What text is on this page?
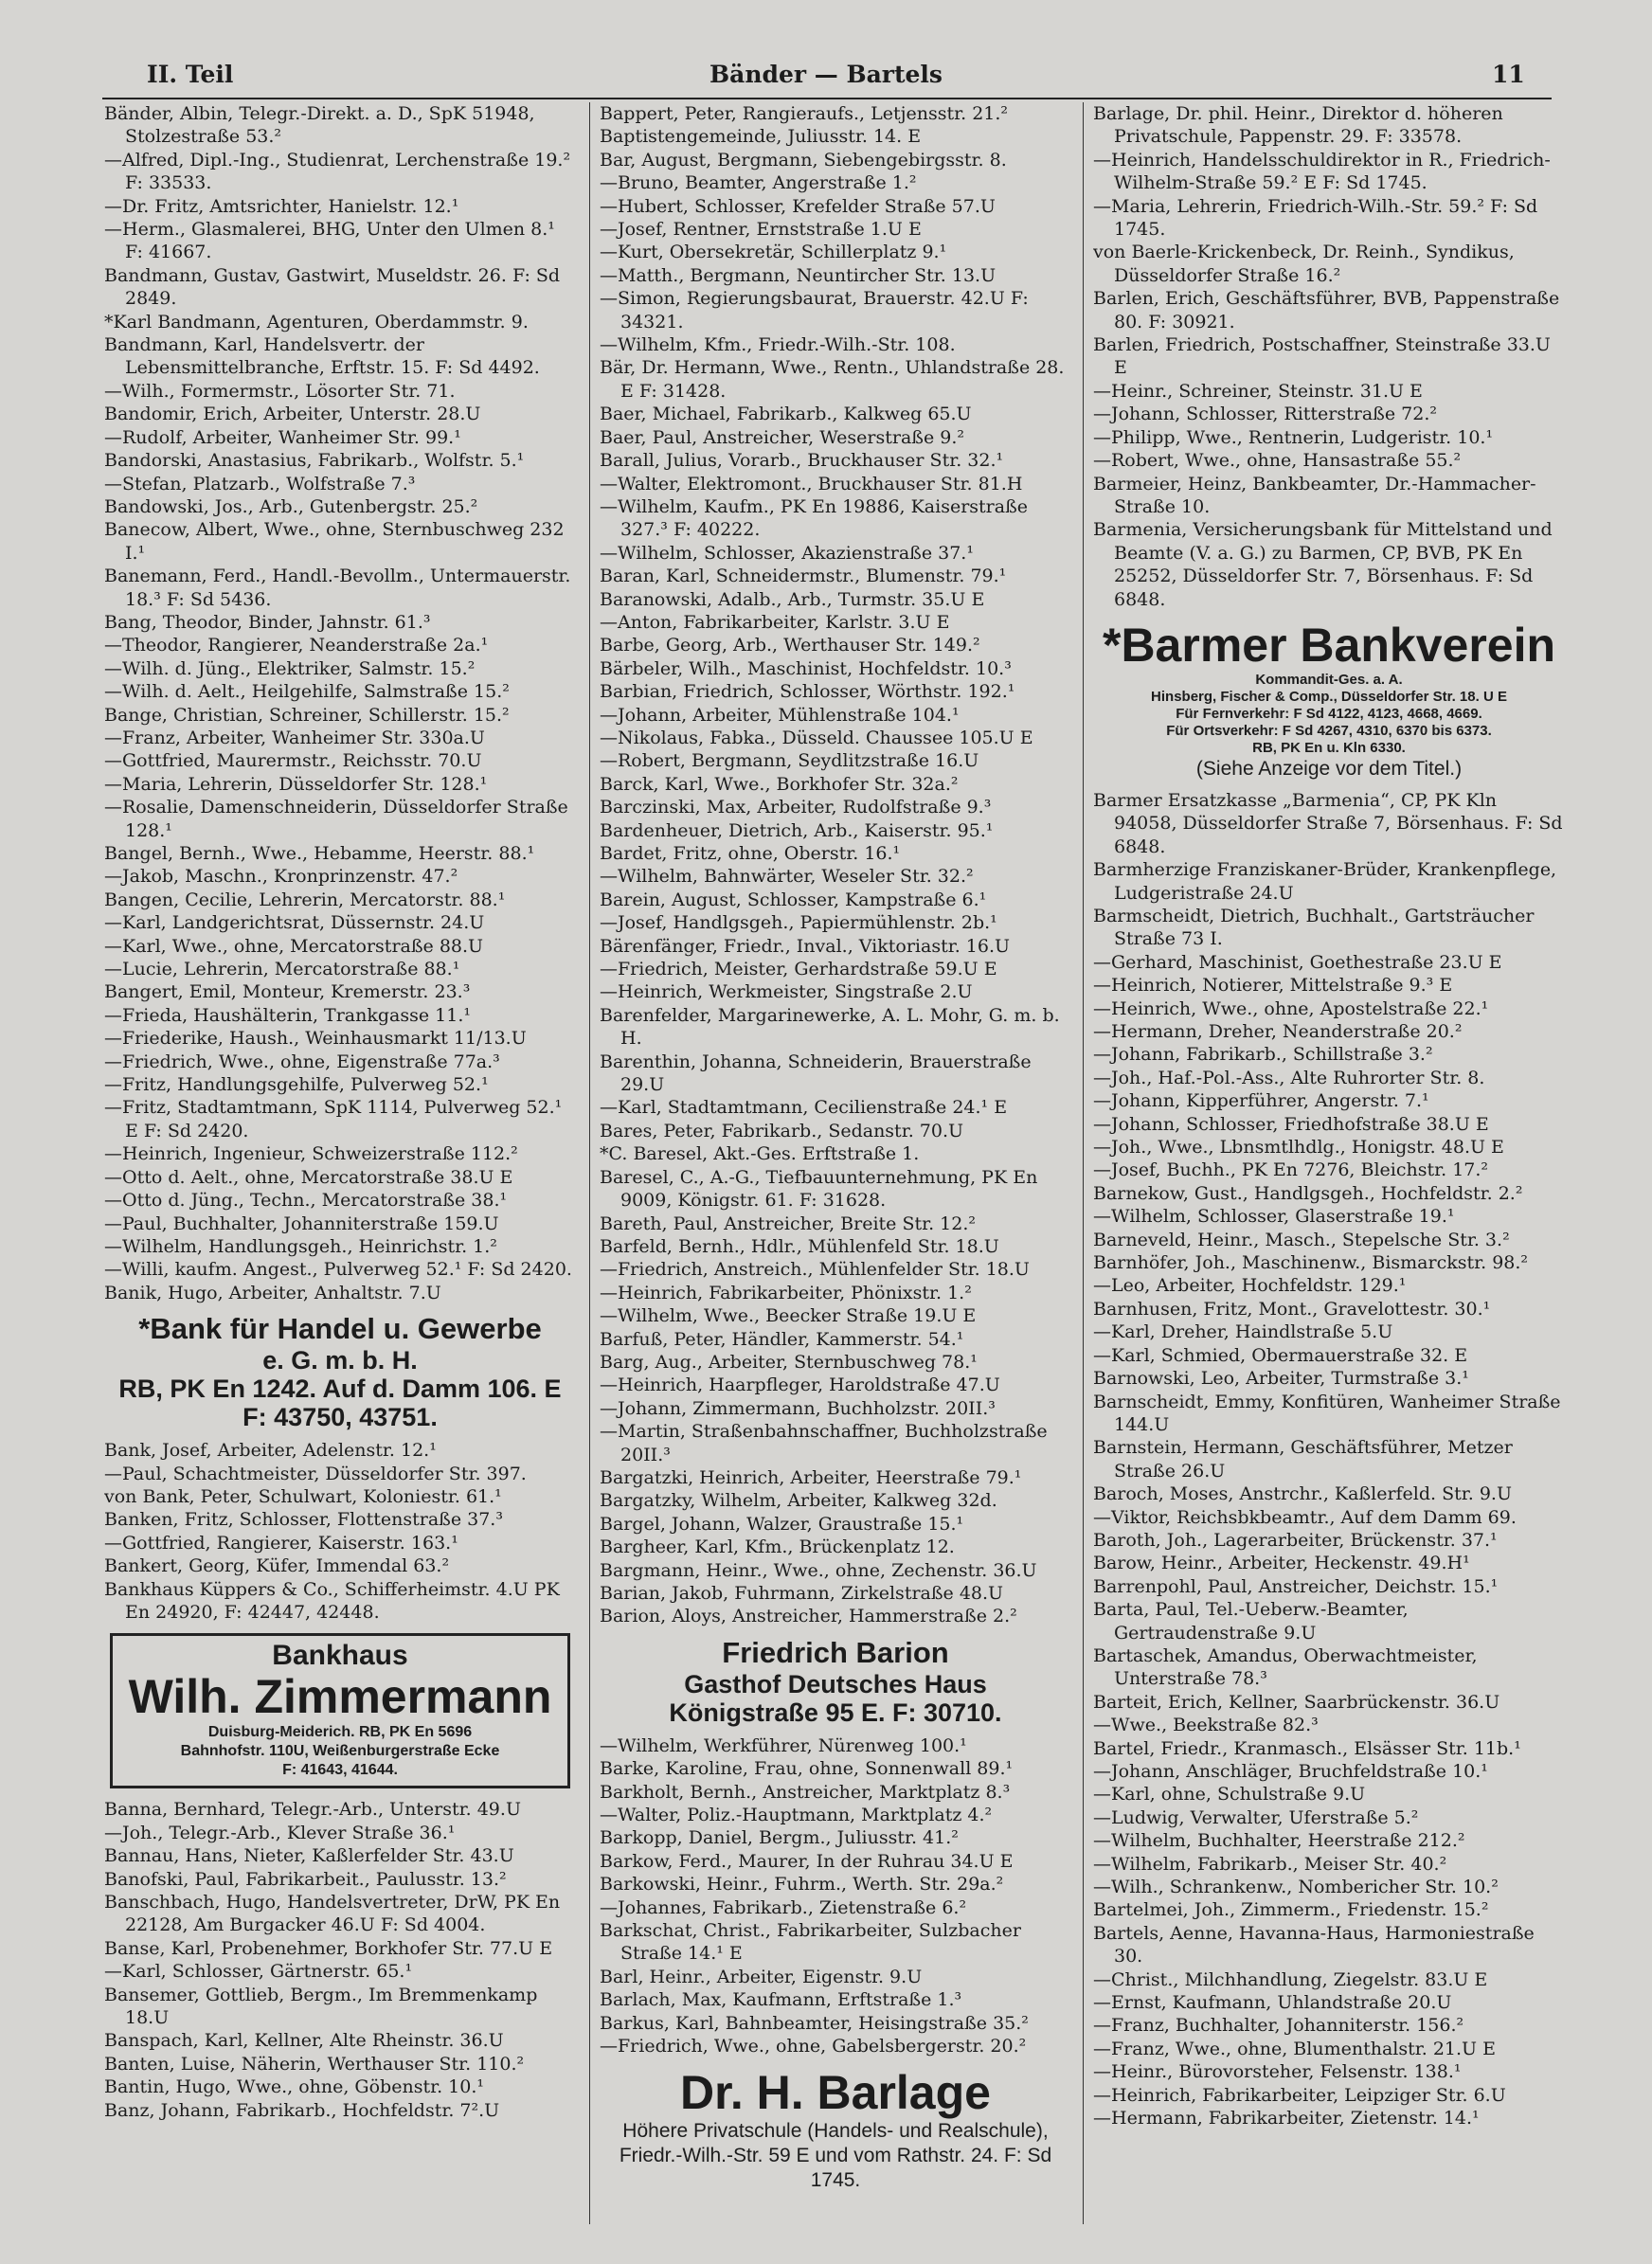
II. Teil	Bänder — Bartels	11

Bänder, Albin, Telegr.-Direkt. a. D., SpK 51948, Stolzestraße 53.²

—Alfred, Dipl.-Ing., Studienrat, Lerchenstraße 19.² F: 33533.

—Dr. Fritz, Amtsrichter, Hanielstr. 12.¹

—Herm., Glasmalerei, BHG, Unter den Ulmen 8.¹ F: 41667.

Bandmann, Gustav, Gastwirt, Museldstr. 26. F: Sd 2849.

*Karl Bandmann, Agenturen, Oberdammstr. 9.

Bandmann, Karl, Handelsvertr. der Lebensmittelbranche, Erftstr. 15. F: Sd 4492.

—Wilh., Formermstr., Lösorter Str. 71.

Bandomir, Erich, Arbeiter, Unterstr. 28.U

—Rudolf, Arbeiter, Wanheimer Str. 99.¹

Bandorski, Anastasius, Fabrikarb., Wolfstr. 5.¹

—Stefan, Platzarb., Wolfstraße 7.³

Bandowski, Jos., Arb., Gutenbergstr. 25.²

Banecow, Albert, Wwe., ohne, Sternbuschweg 232 I.¹

Banemann, Ferd., Handl.-Bevollm., Untermauerstr. 18.³ F: Sd 5436.

Bang, Theodor, Binder, Jahnstr. 61.³

—Theodor, Rangierer, Neanderstraße 2a.¹

—Wilh. d. Jüng., Elektriker, Salmstr. 15.²

—Wilh. d. Aelt., Heilgehilfe, Salmstraße 15.²

Bange, Christian, Schreiner, Schillerstr. 15.²

—Franz, Arbeiter, Wanheimer Str. 330a.U

—Gottfried, Maurermstr., Reichsstr. 70.U

—Maria, Lehrerin, Düsseldorfer Str. 128.¹

—Rosalie, Damenschneiderin, Düsseldorfer Straße 128.¹

Bangel, Bernh., Wwe., Hebamme, Heerstr. 88.¹

—Jakob, Maschn., Kronprinzenstr. 47.²

Bangen, Cecilie, Lehrerin, Mercatorstr. 88.¹

—Karl, Landgerichtsrat, Düssernstr. 24.U

—Karl, Wwe., ohne, Mercatorstraße 88.U

—Lucie, Lehrerin, Mercatorstraße 88.¹

Bangert, Emil, Monteur, Kremerstr. 23.³

—Frieda, Haushälterin, Trankgasse 11.¹

—Friederike, Haush., Weinhausmarkt 11/13.U

—Friedrich, Wwe., ohne, Eigenstraße 77a.³

—Fritz, Handlungsgehilfe, Pulverweg 52.¹

—Fritz, Stadtamtmann, SpK 1114, Pulverweg 52.¹ E F: Sd 2420.

—Heinrich, Ingenieur, Schweizerstraße 112.²

—Otto d. Aelt., ohne, Mercatorstraße 38.U E

—Otto d. Jüng., Techn., Mercatorstraße 38.¹

—Paul, Buchhalter, Johanniterstraße 159.U

—Wilhelm, Handlungsgeh., Heinrichstr. 1.²

—Willi, kaufm. Angest., Pulverweg 52.¹ F: Sd 2420.

Banik, Hugo, Arbeiter, Anhaltstr. 7.U

*Bank für Handel u. Gewerbe
e. G. m. b. H.
RB, PK En 1242. Auf d. Damm 106. E
F: 43750, 43751.

Bank, Josef, Arbeiter, Adelenstr. 12.¹

—Paul, Schachtmeister, Düsseldorfer Str. 397.

von Bank, Peter, Schulwart, Koloniestr. 61.¹

Banken, Fritz, Schlosser, Flottenstraße 37.³

—Gottfried, Rangierer, Kaiserstr. 163.¹

Bankert, Georg, Küfer, Immendal 63.²

Bankhaus Küppers & Co., Schifferheimstr. 4.U PK En 24920, F: 42447, 42448.

Bankhaus
Wilh. Zimmermann
Duisburg-Meiderich. RB, PK En 5696
Bahnhofstr. 110U, Weißenburgerstraße Ecke
F: 41643, 41644.

Banna, Bernhard, Telegr.-Arb., Unterstr. 49.U

—Joh., Telegr.-Arb., Klever Straße 36.¹

Bannau, Hans, Nieter, Kaßlerfelder Str. 43.U

Banofski, Paul, Fabrikarbeit., Paulusstr. 13.²

Banschbach, Hugo, Handelsvertreter, DrW, PK En 22128, Am Burgacker 46.U F: Sd 4004.

Banse, Karl, Probenehmer, Borkhofer Str. 77.U E

—Karl, Schlosser, Gärtnerstr. 65.¹

Bansemer, Gottlieb, Bergm., Im Bremmenkamp 18.U

Banspach, Karl, Kellner, Alte Rheinstr. 36.U

Banten, Luise, Näherin, Werthauser Str. 110.²

Bantin, Hugo, Wwe., ohne, Göbenstr. 10.¹

Banz, Johann, Fabrikarb., Hochfeldstr. 7².U

Bappert, Peter, Rangieraufs., Letjensstr. 21.²

Baptistengemeinde, Juliusstr. 14. E

Bar, August, Bergmann, Siebengebirgsstr. 8.

—Bruno, Beamter, Angerstraße 1.²

—Hubert, Schlosser, Krefelder Straße 57.U

—Josef, Rentner, Ernststraße 1.U E

—Kurt, Obersekretär, Schillerplatz 9.¹

—Matth., Bergmann, Neuntircher Str. 13.U

—Simon, Regierungsbaurat, Brauerstr. 42.U F: 34321.

—Wilhelm, Kfm., Friedr.-Wilh.-Str. 108.

Bär, Dr. Hermann, Wwe., Rentn., Uhlandstraße 28. E F: 31428.

Baer, Michael, Fabrikarb., Kalkweg 65.U

Baer, Paul, Anstreicher, Weserstraße 9.²

Barall, Julius, Vorarb., Bruckhauser Str. 32.¹

—Walter, Elektromont., Bruckhauser Str. 81.H

—Wilhelm, Kaufm., PK En 19886, Kaiserstraße 327.³ F: 40222.

—Wilhelm, Schlosser, Akazienstraße 37.¹

Baran, Karl, Schneidermstr., Blumenstr. 79.¹

Baranowski, Adalb., Arb., Turmstr. 35.U E

—Anton, Fabrikarbeiter, Karlstr. 3.U E

Barbe, Georg, Arb., Werthauser Str. 149.²

Bärbeler, Wilh., Maschinist, Hochfeldstr. 10.³

Barbian, Friedrich, Schlosser, Wörthstr. 192.¹

—Johann, Arbeiter, Mühlenstraße 104.¹

—Nikolaus, Fabka., Düsseld. Chaussee 105.U E

—Robert, Bergmann, Seydlitzstraße 16.U

Barck, Karl, Wwe., Borkhofer Str. 32a.²

Barczinski, Max, Arbeiter, Rudolfstraße 9.³

Bardenheuer, Dietrich, Arb., Kaiserstr. 95.¹

Bardet, Fritz, ohne, Oberstr. 16.¹

—Wilhelm, Bahnwärter, Weseler Str. 32.²

Barein, August, Schlosser, Kampstraße 6.¹

—Josef, Handlgsgeh., Papiermühlenstr. 2b.¹

Bärenfänger, Friedr., Inval., Viktoriastr. 16.U

—Friedrich, Meister, Gerhardstraße 59.U E

—Heinrich, Werkmeister, Singstraße 2.U

Barenfelder, Margarinewerke, A. L. Mohr, G. m. b. H.

Barenthin, Johanna, Schneiderin, Brauerstraße 29.U

—Karl, Stadtamtmann, Cecilienstraße 24.¹ E

Bares, Peter, Fabrikarb., Sedanstr. 70.U

*C. Baresel, Akt.-Ges. Erftstraße 1.

Baresel, C., A.-G., Tiefbauunternehmung, PK En 9009, Königstr. 61. F: 31628.

Bareth, Paul, Anstreicher, Breite Str. 12.²

Barfeld, Bernh., Hdlr., Mühlenfeld Str. 18.U

—Friedrich, Anstreich., Mühlenfelder Str. 18.U

—Heinrich, Fabrikarbeiter, Phönixstr. 1.²

—Wilhelm, Wwe., Beecker Straße 19.U E

Barfuß, Peter, Händler, Kammerstr. 54.¹

Barg, Aug., Arbeiter, Sternbuschweg 78.¹

—Heinrich, Haarpfleger, Haroldstraße 47.U

—Johann, Zimmermann, Buchholzstr. 20II.³

—Martin, Straßenbahnschaffner, Buchholzstraße 20II.³

Bargatzki, Heinrich, Arbeiter, Heerstraße 79.¹

Bargatzky, Wilhelm, Arbeiter, Kalkweg 32d.

Bargel, Johann, Walzer, Graustraße 15.¹

Bargheer, Karl, Kfm., Brückenplatz 12.

Bargmann, Heinr., Wwe., ohne, Zechenstr. 36.U

Barian, Jakob, Fuhrmann, Zirkelstraße 48.U

Barion, Aloys, Anstreicher, Hammerstraße 2.²

Friedrich Barion
Gasthof Deutsches Haus
Königstraße 95 E. F: 30710.

—Wilhelm, Werkführer, Nürenweg 100.¹

Barke, Karoline, Frau, ohne, Sonnenwall 89.¹

Barkholt, Bernh., Anstreicher, Marktplatz 8.³

—Walter, Poliz.-Hauptmann, Marktplatz 4.²

Barkopp, Daniel, Bergm., Juliusstr. 41.²

Barkow, Ferd., Maurer, In der Ruhrau 34.U E

Barkowski, Heinr., Fuhrm., Werth. Str. 29a.²

—Johannes, Fabrikarb., Zietenstraße 6.²

Barkschat, Christ., Fabrikarbeiter, Sulzbacher Straße 14.¹ E

Barl, Heinr., Arbeiter, Eigenstr. 9.U

Barlach, Max, Kaufmann, Erftstraße 1.³

Barkus, Karl, Bahnbeamter, Heisingstraße 35.²

—Friedrich, Wwe., ohne, Gabelsbergerstr. 20.²

Dr. H. Barlage
Höhere Privatschule (Handels- und Realschule), Friedr.-Wilh.-Str. 59 E und vom Rathstr. 24. F: Sd 1745.

Barlage, Dr. phil. Heinr., Direktor d. höheren Privatschule, Pappenstr. 29. F: 33578.

—Heinrich, Handelsschuldirektor in R., Friedrich-Wilhelm-Straße 59.² E F: Sd 1745.

—Maria, Lehrerin, Friedrich-Wilh.-Str. 59.² F: Sd 1745.

von Baerle-Krickenbeck, Dr. Reinh., Syndikus, Düsseldorfer Straße 16.²

Barlen, Erich, Geschäftsführer, BVB, Pappenstraße 80. F: 30921.

Barlen, Friedrich, Postschaffner, Steinstraße 33.U E

—Heinr., Schreiner, Steinstr. 31.U E

—Johann, Schlosser, Ritterstraße 72.²

—Philipp, Wwe., Rentnerin, Ludgeristr. 10.¹

—Robert, Wwe., ohne, Hansastraße 55.²

Barmeier, Heinz, Bankbeamter, Dr.-Hammacher-Straße 10.

Barmenia, Versicherungsbank für Mittelstand und Beamte (V. a. G.) zu Barmen, CP, BVB, PK En 25252, Düsseldorfer Str. 7, Börsenhaus. F: Sd 6848.

*Barmer Bankverein
Kommandit-Ges. a. A.
Hinsberg, Fischer & Comp., Düsseldorfer Str. 18. U E
Für Fernverkehr: F Sd 4122, 4123, 4668, 4669.
Für Ortsverkehr: F Sd 4267, 4310, 6370 bis 6373.
RB, PK En u. Kln 6330.
(Siehe Anzeige vor dem Titel.)

Barmer Ersatzkasse „Barmenia“, CP, PK Kln 94058, Düsseldorfer Straße 7, Börsenhaus. F: Sd 6848.

Barmherzige Franziskaner-Brüder, Krankenpflege, Ludgeristraße 24.U

Barmscheidt, Dietrich, Buchhalt., Gartsträucher Straße 73 I.

—Gerhard, Maschinist, Goethestraße 23.U E

—Heinrich, Notierer, Mittelstraße 9.³ E

—Heinrich, Wwe., ohne, Apostelstraße 22.¹

—Hermann, Dreher, Neanderstraße 20.²

—Johann, Fabrikarb., Schillstraße 3.²

—Joh., Haf.-Pol.-Ass., Alte Ruhrorter Str. 8.

—Johann, Kipperführer, Angerstr. 7.¹

—Johann, Schlosser, Friedhofstraße 38.U E

—Joh., Wwe., Lbnsmtlhdlg., Honigstr. 48.U E

—Josef, Buchh., PK En 7276, Bleichstr. 17.²

Barnekow, Gust., Handlgsgeh., Hochfeldstr. 2.²

—Wilhelm, Schlosser, Glaserstraße 19.¹

Barneveld, Heinr., Masch., Stepelsche Str. 3.²

Barnhöfer, Joh., Maschinenw., Bismarckstr. 98.²

—Leo, Arbeiter, Hochfeldstr. 129.¹

Barnhusen, Fritz, Mont., Gravelottestr. 30.¹

—Karl, Dreher, Haindlstraße 5.U

—Karl, Schmied, Obermauerstraße 32. E

Barnowski, Leo, Arbeiter, Turmstraße 3.¹

Barnscheidt, Emmy, Konfitüren, Wanheimer Straße 144.U

Barnstein, Hermann, Geschäftsführer, Metzer Straße 26.U

Baroch, Moses, Anstrchr., Kaßlerfeld. Str. 9.U

—Viktor, Reichsbkbeamtr., Auf dem Damm 69.

Baroth, Joh., Lagerarbeiter, Brückenstr. 37.¹

Barow, Heinr., Arbeiter, Heckenstr. 49.H¹

Barrenpohl, Paul, Anstreicher, Deichstr. 15.¹

Barta, Paul, Tel.-Ueberw.-Beamter, Gertraudenstraße 9.U

Bartaschek, Amandus, Oberwachtmeister, Unterstraße 78.³

Barteit, Erich, Kellner, Saarbrückenstr. 36.U

—Wwe., Beekstraße 82.³

Bartel, Friedr., Kranmasch., Elsässer Str. 11b.¹

—Johann, Anschläger, Bruchfeldstraße 10.¹

—Karl, ohne, Schulstraße 9.U

—Ludwig, Verwalter, Uferstraße 5.²

—Wilhelm, Buchhalter, Heerstraße 212.²

—Wilhelm, Fabrikarb., Meiser Str. 40.²

—Wilh., Schrankenw., Nombericher Str. 10.²

Bartelmei, Joh., Zimmerm., Friedenstr. 15.²

Bartels, Aenne, Havanna-Haus, Harmoniestraße 30.

—Christ., Milchhandlung, Ziegelstr. 83.U E

—Ernst, Kaufmann, Uhlandstraße 20.U

—Franz, Buchhalter, Johanniterstr. 156.²

—Franz, Wwe., ohne, Blumenthalstr. 21.U E

—Heinr., Bürovorsteher, Felsenstr. 138.¹

—Heinrich, Fabrikarbeiter, Leipziger Str. 6.U

—Hermann, Fabrikarbeiter, Zietenstr. 14.¹
